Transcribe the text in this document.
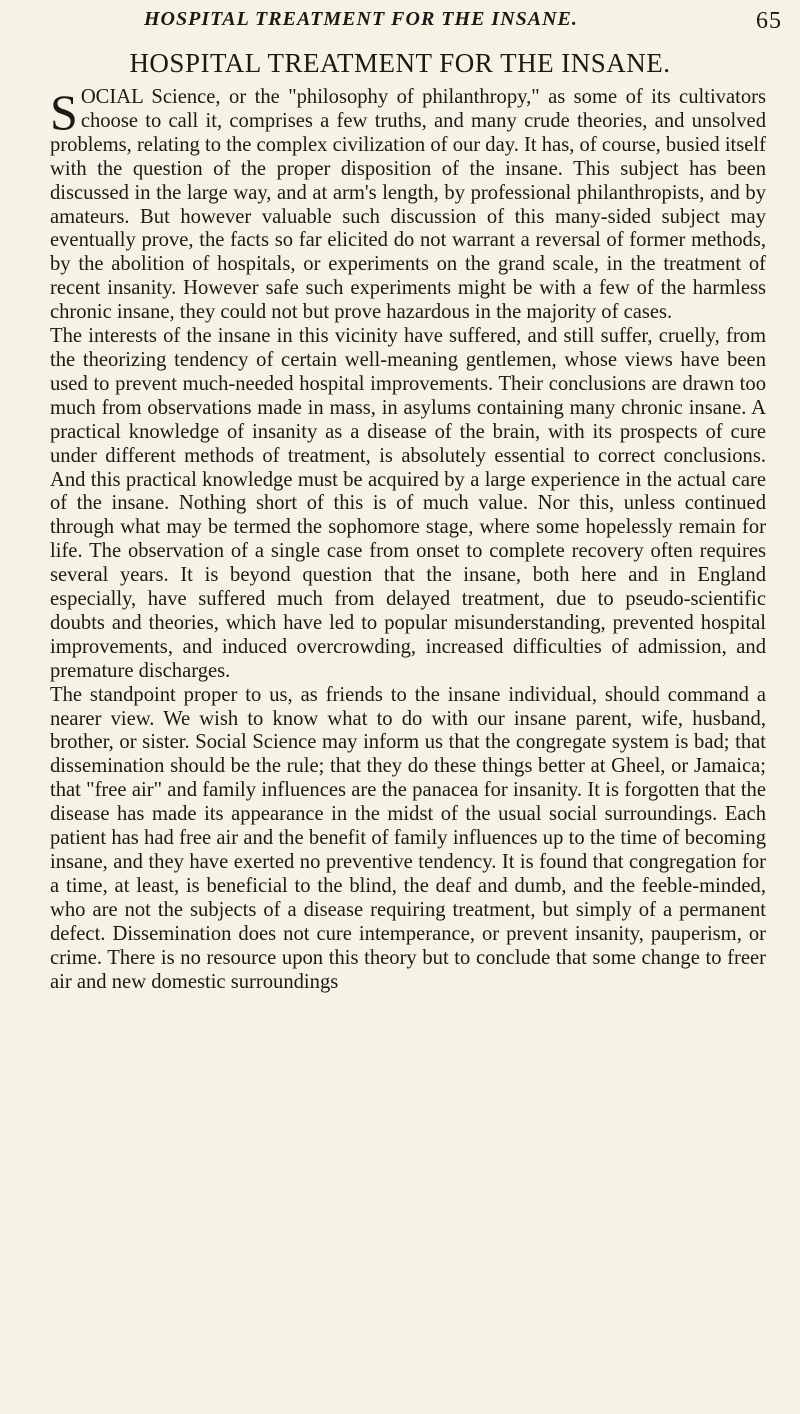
HOSPITAL TREATMENT FOR THE INSANE.	65
HOSPITAL TREATMENT FOR THE INSANE.

SOCIAL Science, or the "philosophy of philanthropy," as some of its cultivators choose to call it, comprises a few truths, and many crude theories, and unsolved problems, relating to the complex civilization of our day. It has, of course, busied itself with the question of the proper disposition of the insane. This subject has been discussed in the large way, and at arm's length, by professional philanthropists, and by amateurs. But however valuable such discussion of this many-sided subject may eventually prove, the facts so far elicited do not warrant a reversal of former methods, by the abolition of hospitals, or experiments on the grand scale, in the treatment of recent insanity. However safe such experiments might be with a few of the harmless chronic insane, they could not but prove hazardous in the majority of cases.

The interests of the insane in this vicinity have suffered, and still suffer, cruelly, from the theorizing tendency of certain well-meaning gentlemen, whose views have been used to prevent much-needed hospital improvements. Their conclusions are drawn too much from observations made in mass, in asylums containing many chronic insane. A practical knowledge of insanity as a disease of the brain, with its prospects of cure under different methods of treatment, is absolutely essential to correct conclusions. And this practical knowledge must be acquired by a large experience in the actual care of the insane. Nothing short of this is of much value. Nor this, unless continued through what may be termed the sophomore stage, where some hopelessly remain for life. The observation of a single case from onset to complete recovery often requires several years. It is beyond question that the insane, both here and in England especially, have suffered much from delayed treatment, due to pseudo-scientific doubts and theories, which have led to popular misunderstanding, prevented hospital improvements, and induced overcrowding, increased difficulties of admission, and premature discharges.

The standpoint proper to us, as friends to the insane individual, should command a nearer view. We wish to know what to do with our insane parent, wife, husband, brother, or sister. Social Science may inform us that the congregate system is bad; that dissemination should be the rule; that they do these things better at Gheel, or Jamaica; that "free air" and family influences are the panacea for insanity. It is forgotten that the disease has made its appearance in the midst of the usual social surroundings. Each patient has had free air and the benefit of family influences up to the time of becoming insane, and they have exerted no preventive tendency. It is found that congregation for a time, at least, is beneficial to the blind, the deaf and dumb, and the feeble-minded, who are not the subjects of a disease requiring treatment, but simply of a permanent defect. Dissemination does not cure intemperance, or prevent insanity, pauperism, or crime. There is no resource upon this theory but to conclude that some change to freer air and new domestic surroundings
